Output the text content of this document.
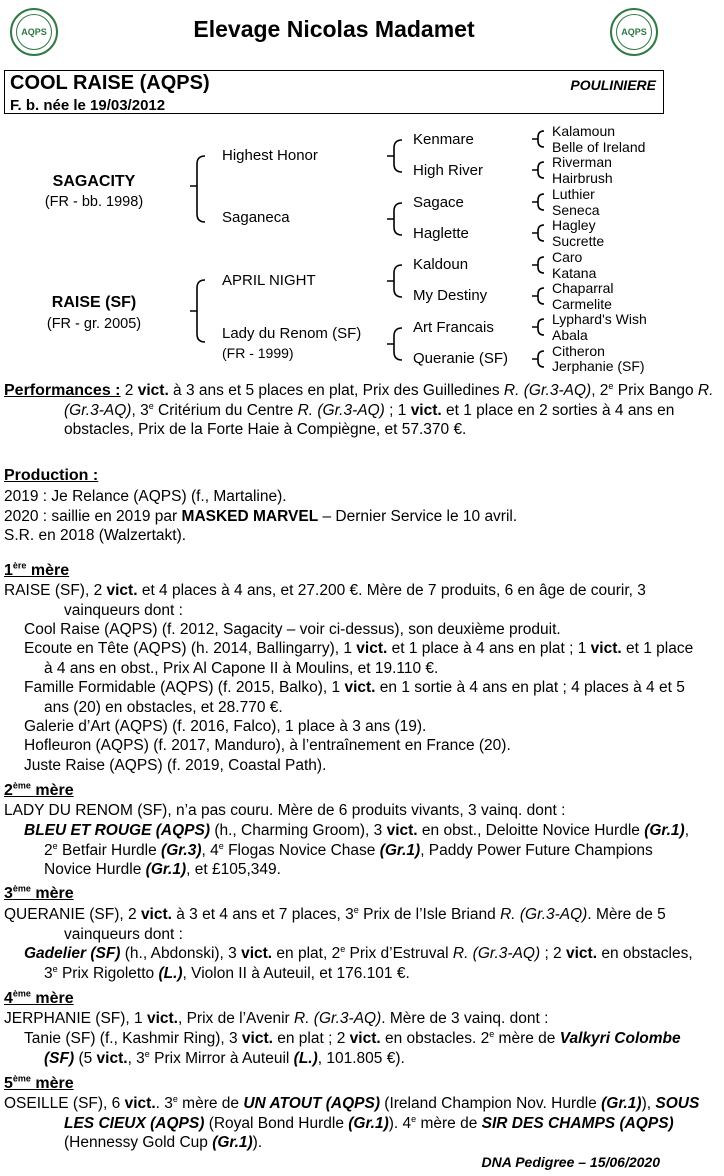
AQPS	AQPS
Elevage Nicolas Madamet
COOL RAISE (AQPS)	POULINIERE
F. b. née le 19/03/2012
SAGACITY
(FR - bb. 1998)
RAISE (SF)
(FR - gr. 2005)
Highest Honor
Saganeca
APRIL NIGHT
Lady du Renom (SF)
(FR - 1999)
Kenmare
High River
Sagace
Haglette
Kaldoun
My Destiny
Art Francais
Queranie (SF)
Kalamoun
Belle of Ireland
Riverman
Hairbrush
Luthier
Seneca
Hagley
Sucrette
Caro
Katana
Chaparral
Carmelite
Lyphard's Wish
Abala
Citheron
Jerphanie (SF)
Performances : 2 vict. à 3 ans et 5 places en plat, Prix des Guilledines R. (Gr.3-AQ), 2e Prix Bango R. (Gr.3-AQ), 3e Critérium du Centre R. (Gr.3-AQ) ; 1 vict. et 1 place en 2 sorties à 4 ans en obstacles, Prix de la Forte Haie à Compiègne, et 57.370 €.
Production :
2019 : Je Relance (AQPS) (f., Martaline).
2020 : saillie en 2019 par MASKED MARVEL – Dernier Service le 10 avril.
S.R. en 2018 (Walzertakt).
1ère mère
RAISE (SF), 2 vict. et 4 places à 4 ans, et 27.200 €. Mère de 7 produits, 6 en âge de courir, 3 vainqueurs dont :
Cool Raise (AQPS) (f. 2012, Sagacity – voir ci-dessus), son deuxième produit.
Ecoute en Tête (AQPS) (h. 2014, Ballingarry), 1 vict. et 1 place à 4 ans en plat ; 1 vict. et 1 place à 4 ans en obst., Prix Al Capone II à Moulins, et 19.110 €.
Famille Formidable (AQPS) (f. 2015, Balko), 1 vict. en 1 sortie à 4 ans en plat ; 4 places à 4 et 5 ans (20) en obstacles, et 28.770 €.
Galerie d’Art (AQPS) (f. 2016, Falco), 1 place à 3 ans (19).
Hofleuron (AQPS) (f. 2017, Manduro), à l’entraînement en France (20).
Juste Raise (AQPS) (f. 2019, Coastal Path).
2ème mère
LADY DU RENOM (SF), n’a pas couru. Mère de 6 produits vivants, 3 vainq. dont :
BLEU ET ROUGE (AQPS) (h., Charming Groom), 3 vict. en obst., Deloitte Novice Hurdle (Gr.1), 2e Betfair Hurdle (Gr.3), 4e Flogas Novice Chase (Gr.1), Paddy Power Future Champions Novice Hurdle (Gr.1), et £105,349.
3ème mère
QUERANIE (SF), 2 vict. à 3 et 4 ans et 7 places, 3e Prix de l’Isle Briand R. (Gr.3-AQ). Mère de 5 vainqueurs dont :
Gadelier (SF) (h., Abdonski), 3 vict. en plat, 2e Prix d’Estruval R. (Gr.3-AQ) ; 2 vict. en obstacles, 3e Prix Rigoletto (L.), Violon II à Auteuil, et 176.101 €.
4ème mère
JERPHANIE (SF), 1 vict., Prix de l’Avenir R. (Gr.3-AQ). Mère de 3 vainq. dont :
Tanie (SF) (f., Kashmir Ring), 3 vict. en plat ; 2 vict. en obstacles. 2e mère de Valkyri Colombe (SF) (5 vict., 3e Prix Mirror à Auteuil (L.), 101.805 €).
5ème mère
OSEILLE (SF), 6 vict.. 3e mère de UN ATOUT (AQPS) (Ireland Champion Nov. Hurdle (Gr.1)), SOUS LES CIEUX (AQPS) (Royal Bond Hurdle (Gr.1)). 4e mère de SIR DES CHAMPS (AQPS) (Hennessy Gold Cup (Gr.1)).
DNA Pedigree – 15/06/2020
